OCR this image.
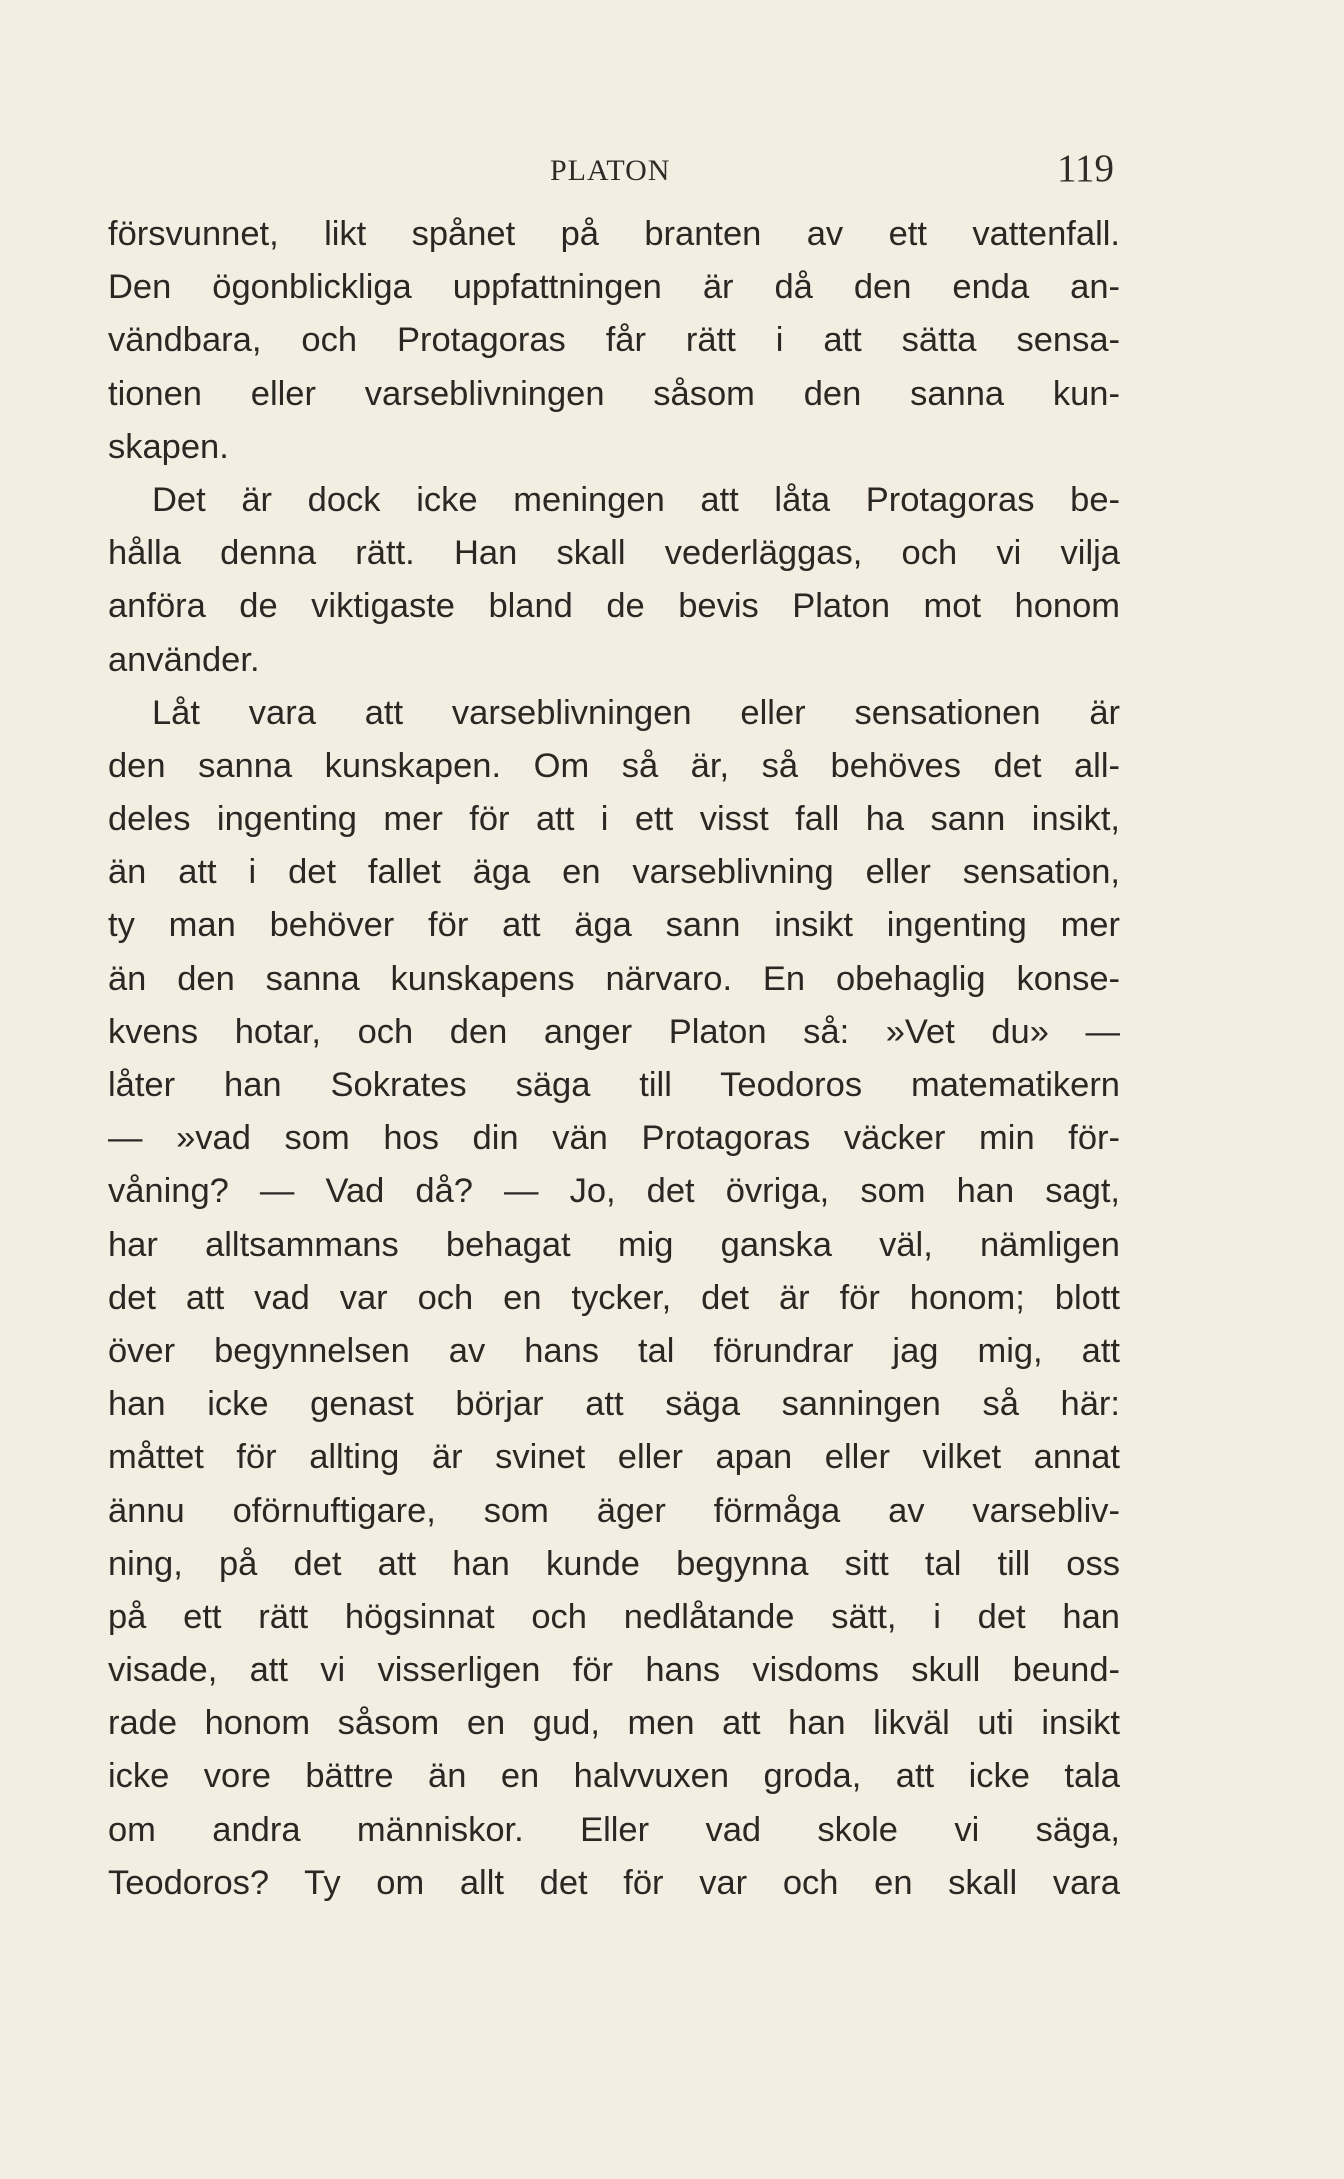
PLATON	119
försvunnet, likt spånet på branten av ett vattenfall.
Den ögonblickliga uppfattningen är då den enda an-
vändbara, och Protagoras får rätt i att sätta sensa-
tionen eller varseblivningen såsom den sanna kun-
skapen.
Det är dock icke meningen att låta Protagoras be-
hålla denna rätt. Han skall vederläggas, och vi vilja
anföra de viktigaste bland de bevis Platon mot honom
använder.
Låt vara att varseblivningen eller sensationen är
den sanna kunskapen. Om så är, så behöves det all-
deles ingenting mer för att i ett visst fall ha sann insikt,
än att i det fallet äga en varseblivning eller sensation,
ty man behöver för att äga sann insikt ingenting mer
än den sanna kunskapens närvaro. En obehaglig konse-
kvens hotar, och den anger Platon så: »Vet du» —
låter han Sokrates säga till Teodoros matematikern
— »vad som hos din vän Protagoras väcker min för-
våning? — Vad då? — Jo, det övriga, som han sagt,
har alltsammans behagat mig ganska väl, nämligen
det att vad var och en tycker, det är för honom; blott
över begynnelsen av hans tal förundrar jag mig, att
han icke genast börjar att säga sanningen så här:
måttet för allting är svinet eller apan eller vilket annat
ännu oförnuftigare, som äger förmåga av varsebliv-
ning, på det att han kunde begynna sitt tal till oss
på ett rätt högsinnat och nedlåtande sätt, i det han
visade, att vi visserligen för hans visdoms skull beund-
rade honom såsom en gud, men att han likväl uti insikt
icke vore bättre än en halvvuxen groda, att icke tala
om andra människor. Eller vad skole vi säga,
Teodoros? Ty om allt det för var och en skall vara
